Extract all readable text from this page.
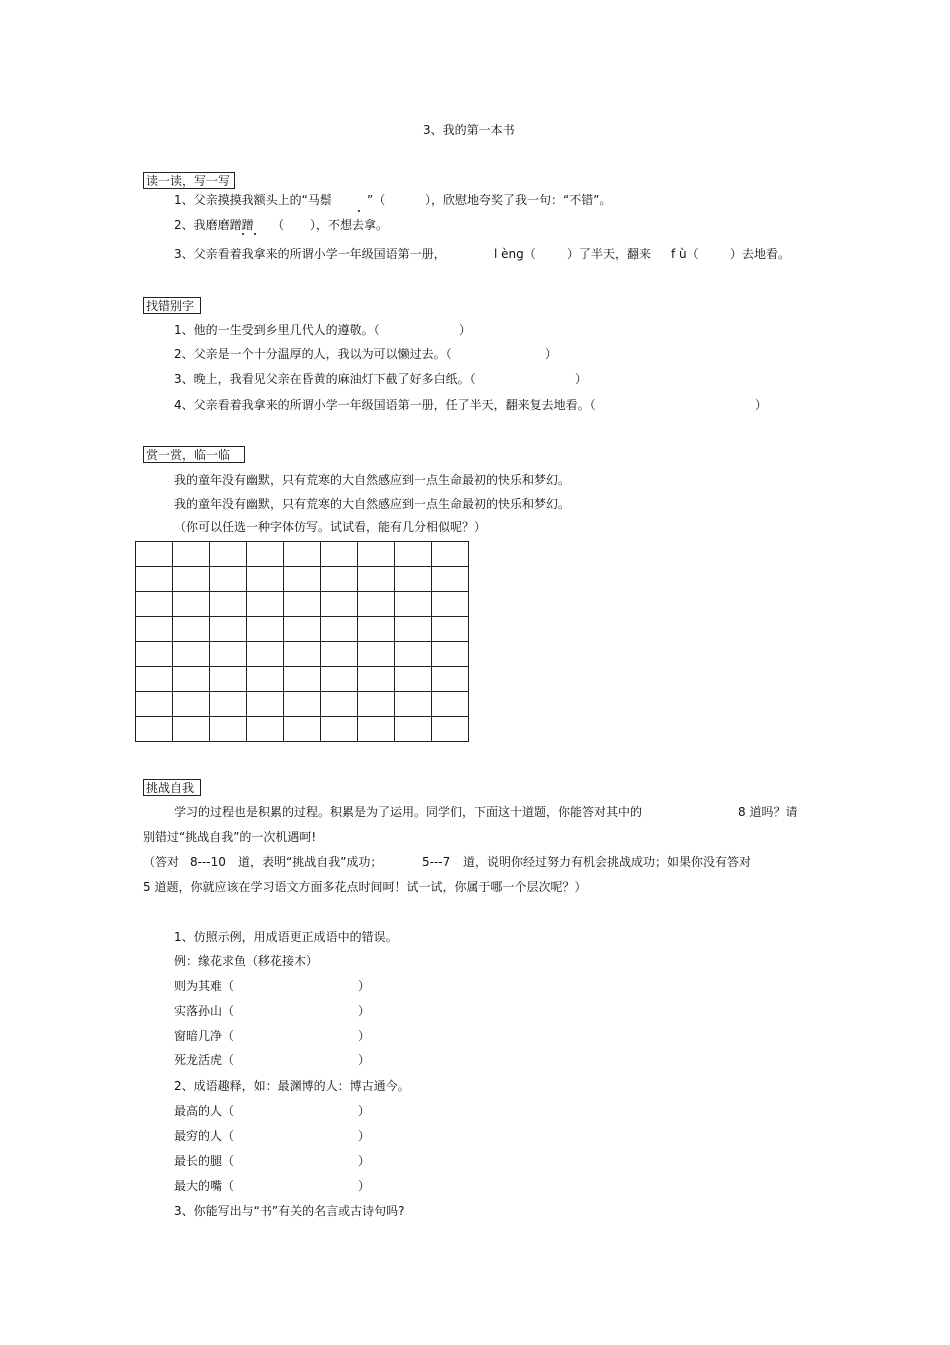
3、我的第一本书
读一读，写一写
1、父亲摸摸我额头上的“马鬃	”（	），欣慰地夸奖了我一句：“不错”。
2、我磨磨蹭蹭 （ ），不想去拿。
3、父亲看着我拿来的所谓小学一年级国语第一册，	l èng（	）了半天，翻来 f ù（	）去地看。
找错别字
1、他的一生受到乡里几代人的遵敬。（	）
2、父亲是一个十分温厚的人，我以为可以懒过去。（	）
3、晚上，我看见父亲在昏黄的麻油灯下截了好多白纸。（	）
4、父亲看着我拿来的所谓小学一年级国语第一册，任了半天，翻来复去地看。（	）
赏一赏，临一临
我的童年没有幽默，只有荒寒的大自然感应到一点生命最初的快乐和梦幻。
我的童年没有幽默，只有荒寒的大自然感应到一点生命最初的快乐和梦幻。
（你可以任选一种字体仿写。试试看，能有几分相似呢？）

挑战自我
学习的过程也是积累的过程。积累是为了运用。同学们，下面这十道题，你能答对其中的	8 道吗？请
别错过“挑战自我”的一次机遇呵!
（答对 8---10 道，表明“挑战自我”成功；	5---7 道，说明你经过努力有机会挑战成功；如果你没有答对
5 道题，你就应该在学习语文方面多花点时间呵！试一试，你属于哪一个层次呢？）
1、仿照示例，用成语更正成语中的错误。
例：缘花求鱼（移花接木）
则为其难（	）
实落孙山（	）
窗暗几净（	）
死龙活虎（	）
2、成语趣释，如：最渊博的人：博古通今。
最高的人（	）
最穷的人（	）
最长的腿（	）
最大的嘴（	）
3、你能写出与“书”有关的名言或古诗句吗?
